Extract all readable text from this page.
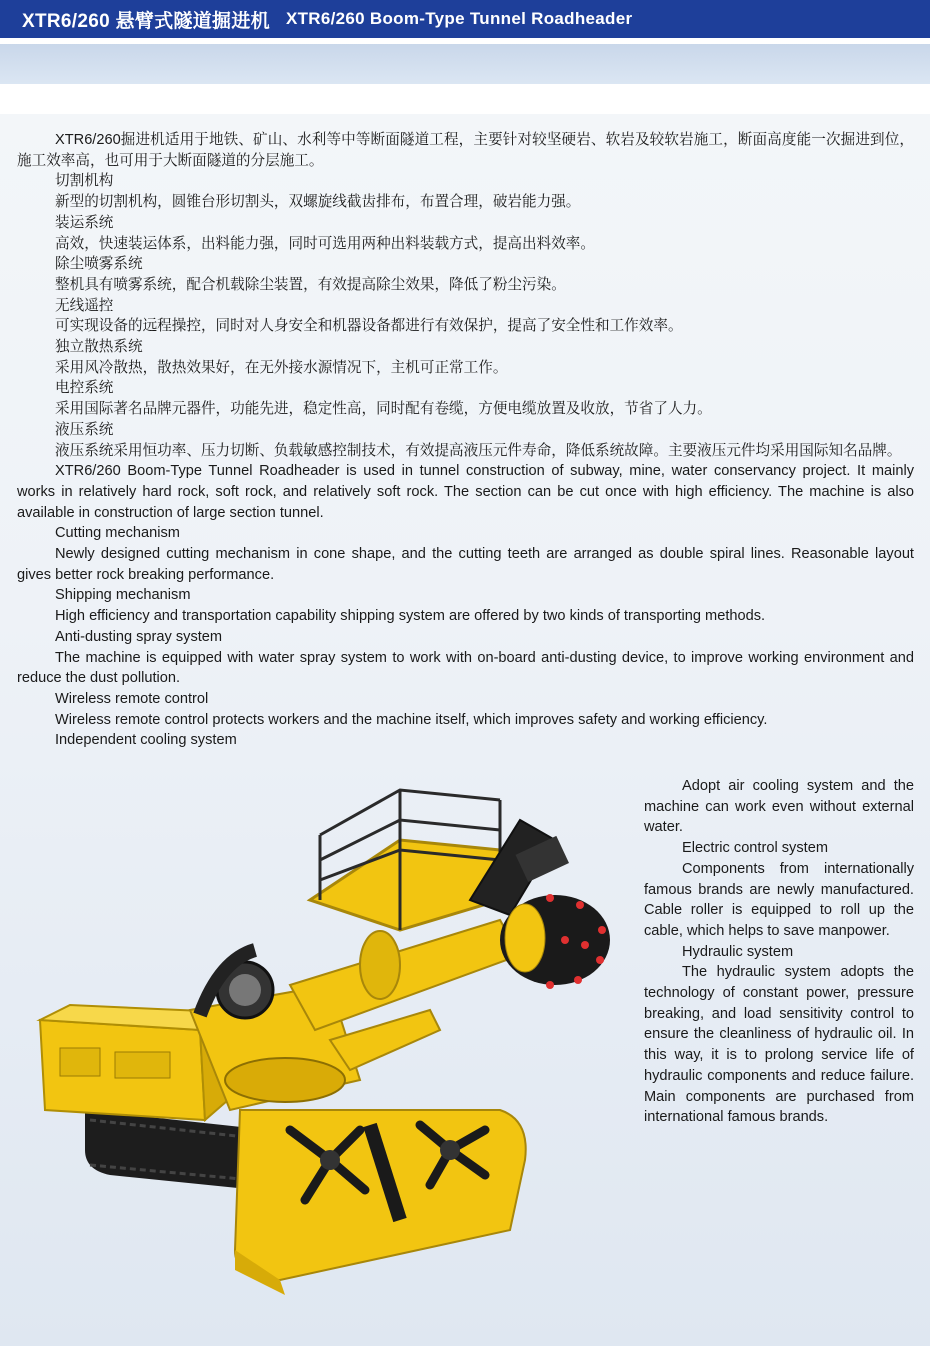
XTR6/260 悬臂式隧道掘进机 XTR6/260 Boom-Type Tunnel Roadheader

XTR6/260掘进机适用于地铁、矿山、水利等中等断面隧道工程，主要针对较坚硬岩、软岩及较软岩施工，断面高度能一次掘进到位，施工效率高，也可用于大断面隧道的分层施工。

切割机构

新型的切割机构，圆锥台形切割头，双螺旋线截齿排布，布置合理，破岩能力强。

装运系统

高效，快速装运体系，出料能力强，同时可选用两种出料装载方式，提高出料效率。

除尘喷雾系统

整机具有喷雾系统，配合机载除尘装置，有效提高除尘效果，降低了粉尘污染。

无线遥控

可实现设备的远程操控，同时对人身安全和机器设备都进行有效保护，提高了安全性和工作效率。

独立散热系统

采用风冷散热，散热效果好，在无外接水源情况下，主机可正常工作。

电控系统

采用国际著名品牌元器件，功能先进，稳定性高，同时配有卷缆，方便电缆放置及收放，节省了人力。

液压系统

液压系统采用恒功率、压力切断、负载敏感控制技术，有效提高液压元件寿命，降低系统故障。主要液压元件均采用国际知名品牌。

XTR6/260 Boom-Type Tunnel Roadheader is used in tunnel construction of subway, mine, water conservancy project. It mainly works in relatively hard rock, soft rock, and relatively soft rock. The section can be cut once with high efficiency. The machine is also available in construction of large section tunnel.

Cutting mechanism

Newly designed cutting mechanism in cone shape, and the cutting teeth are arranged as double spiral lines. Reasonable layout gives better rock breaking performance.

Shipping mechanism

High efficiency and transportation capability shipping system are offered by two kinds of transporting methods.

Anti-dusting spray system

The machine is equipped with water spray system to work with on-board anti-dusting device, to improve working environment and reduce the dust pollution.

Wireless remote control

Wireless remote control protects workers and the machine itself, which improves safety and working efficiency.

Independent cooling system

Adopt air cooling system and the machine can work even without external water.

Electric control system

Components from internationally famous brands are newly manufactured. Cable roller is equipped to roll up the cable, which helps to save manpower.

Hydraulic system

The hydraulic system adopts the technology of constant power, pressure breaking, and load sensitivity control to ensure the cleanliness of hydraulic oil. In this way, it is to prolong service life of hydraulic components and reduce failure. Main components are purchased from international famous brands.
